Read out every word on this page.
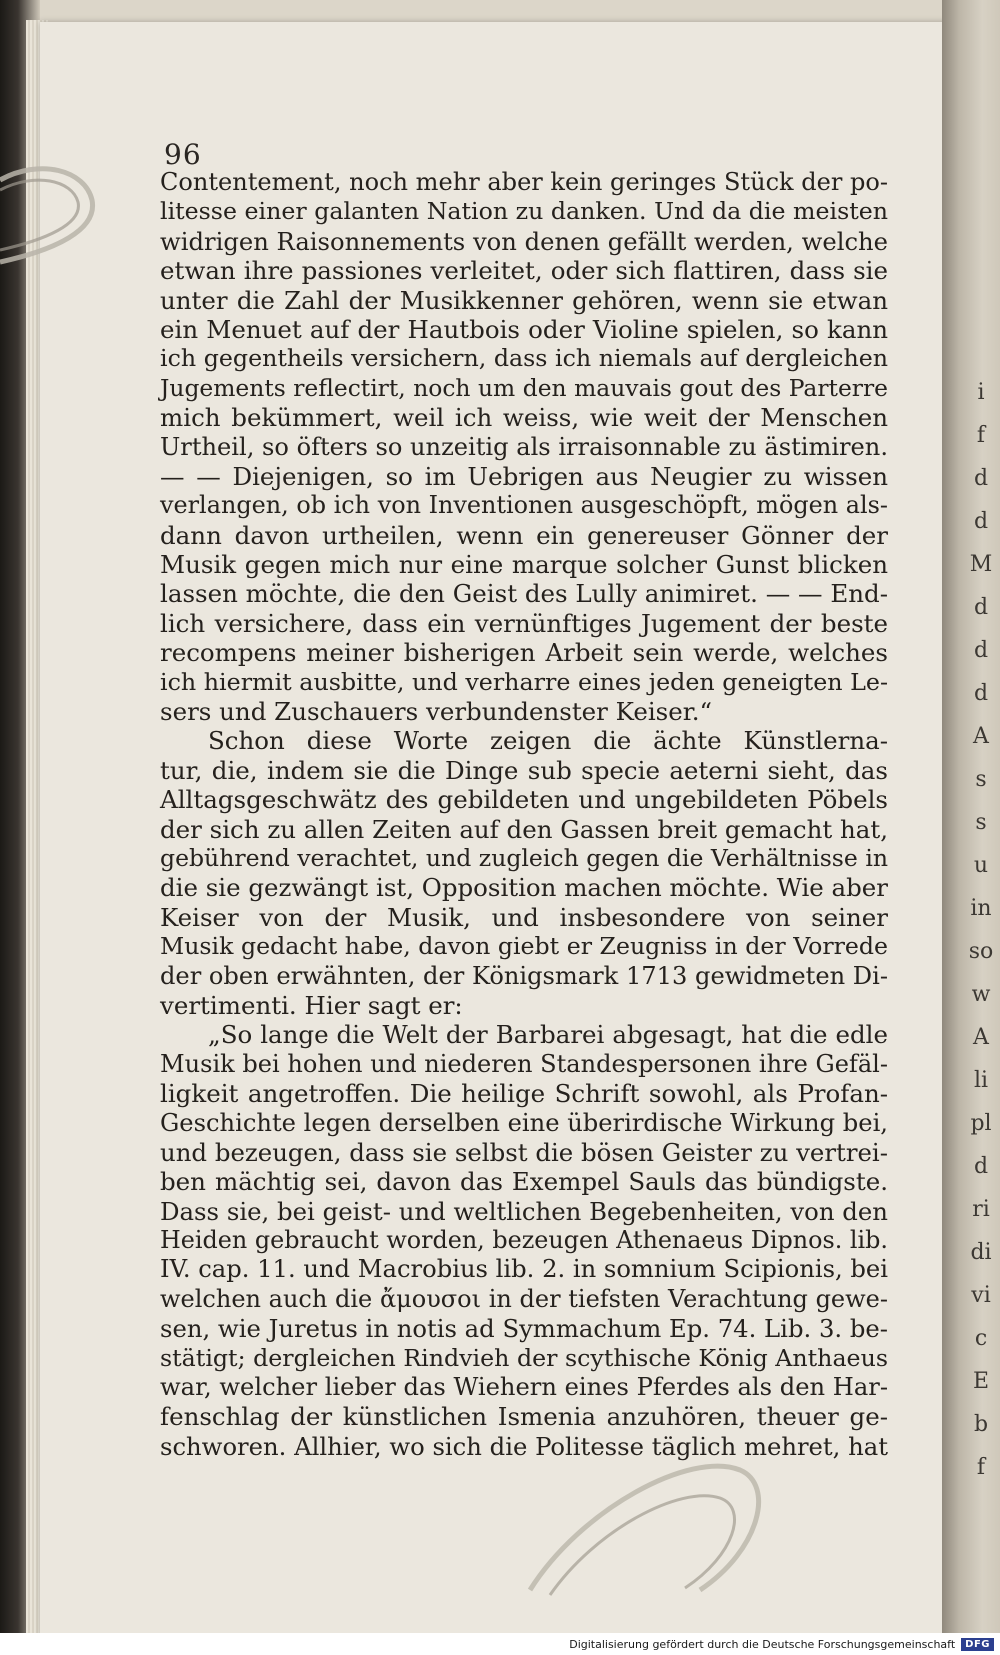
i
f
d
d
M
d
d
d
A
s
s
u
in
so
w
A
li
pl
d
ri
di
vi
c
E
b
f
96
Contentement, noch mehr aber kein geringes Stück der po-
litesse einer galanten Nation zu danken. Und da die meisten
widrigen Raisonnements von denen gefällt werden, welche
etwan ihre passiones verleitet, oder sich flattiren, dass sie
unter die Zahl der Musikkenner gehören, wenn sie etwan
ein Menuet auf der Hautbois oder Violine spielen, so kann
ich gegentheils versichern, dass ich niemals auf dergleichen
Jugements reflectirt, noch um den mauvais gout des Parterre
mich bekümmert, weil ich weiss, wie weit der Menschen
Urtheil, so öfters so unzeitig als irraisonnable zu ästimiren.
— — Diejenigen, so im Uebrigen aus Neugier zu wissen
verlangen, ob ich von Inventionen ausgeschöpft, mögen als-
dann davon urtheilen, wenn ein genereuser Gönner der
Musik gegen mich nur eine marque solcher Gunst blicken
lassen möchte, die den Geist des Lully animiret. — — End-
lich versichere, dass ein vernünftiges Jugement der beste
recompens meiner bisherigen Arbeit sein werde, welches
ich hiermit ausbitte, und verharre eines jeden geneigten Le-
sers und Zuschauers verbundenster Keiser.“
Schon diese Worte zeigen die ächte Künstlerna-
tur, die, indem sie die Dinge sub specie aeterni sieht, das
Alltagsgeschwätz des gebildeten und ungebildeten Pöbels
der sich zu allen Zeiten auf den Gassen breit gemacht hat,
gebührend verachtet, und zugleich gegen die Verhältnisse in
die sie gezwängt ist, Opposition machen möchte. Wie aber
Keiser von der Musik, und insbesondere von seiner
Musik gedacht habe, davon giebt er Zeugniss in der Vorrede
der oben erwähnten, der Königsmark 1713 gewidmeten Di-
vertimenti. Hier sagt er:
„So lange die Welt der Barbarei abgesagt, hat die edle
Musik bei hohen und niederen Standespersonen ihre Gefäl-
ligkeit angetroffen. Die heilige Schrift sowohl, als Profan-
Geschichte legen derselben eine überirdische Wirkung bei,
und bezeugen, dass sie selbst die bösen Geister zu vertrei-
ben mächtig sei, davon das Exempel Sauls das bündigste.
Dass sie, bei geist- und weltlichen Begebenheiten, von den
Heiden gebraucht worden, bezeugen Athenaeus Dipnos. lib.
IV. cap. 11. und Macrobius lib. 2. in somnium Scipionis, bei
welchen auch die ἄμουσοι in der tiefsten Verachtung gewe-
sen, wie Juretus in notis ad Symmachum Ep. 74. Lib. 3. be-
stätigt; dergleichen Rindvieh der scythische König Anthaeus
war, welcher lieber das Wiehern eines Pferdes als den Har-
fenschlag der künstlichen Ismenia anzuhören, theuer ge-
schworen. Allhier, wo sich die Politesse täglich mehret, hat
Digitalisierung gefördert durch die Deutsche Forschungsgemeinschaft	DFG
